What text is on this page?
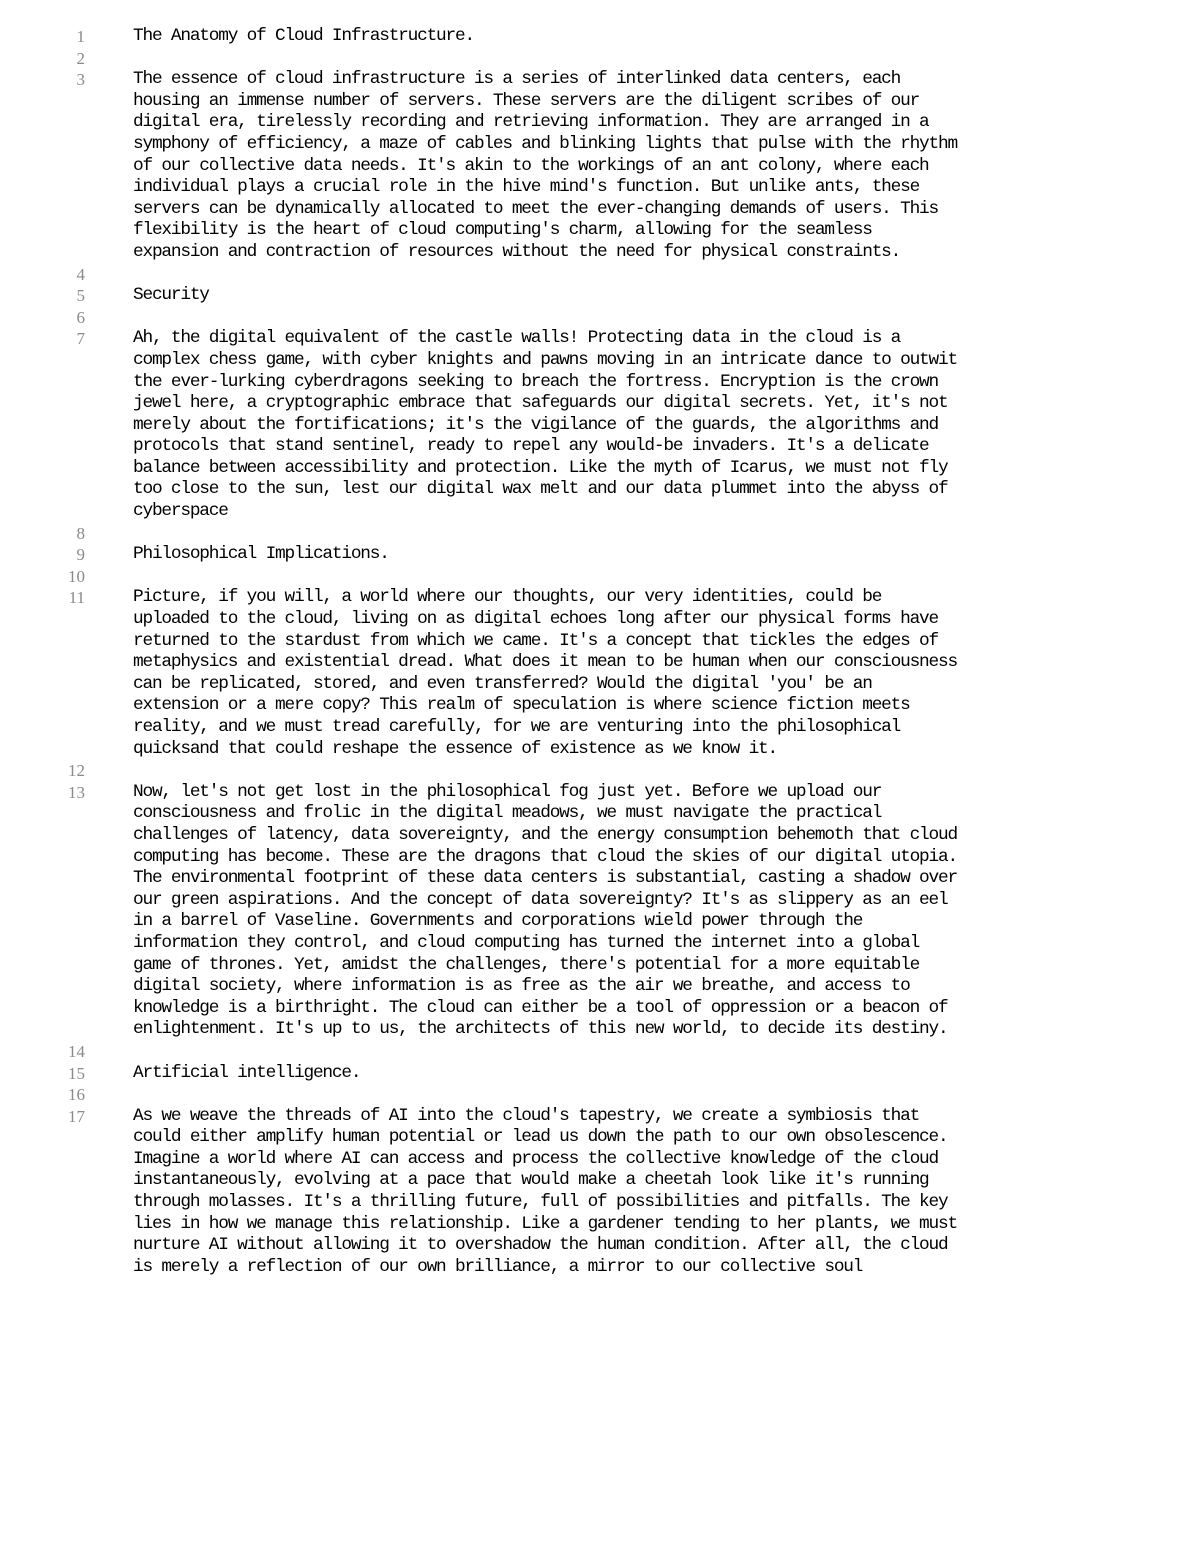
1	The Anatomy of Cloud Infrastructure.
2
3	The essence of cloud infrastructure is a series of interlinked data centers, each
housing an immense number of servers. These servers are the diligent scribes of our
digital era, tirelessly recording and retrieving information. They are arranged in a
symphony of efficiency, a maze of cables and blinking lights that pulse with the rhythm
of our collective data needs. It's akin to the workings of an ant colony, where each
individual plays a crucial role in the hive mind's function. But unlike ants, these
servers can be dynamically allocated to meet the ever-changing demands of users. This
flexibility is the heart of cloud computing's charm, allowing for the seamless
expansion and contraction of resources without the need for physical constraints.
4
5	Security
6
7	Ah, the digital equivalent of the castle walls! Protecting data in the cloud is a
complex chess game, with cyber knights and pawns moving in an intricate dance to outwit
the ever-lurking cyberdragons seeking to breach the fortress. Encryption is the crown
jewel here, a cryptographic embrace that safeguards our digital secrets. Yet, it's not
merely about the fortifications; it's the vigilance of the guards, the algorithms and
protocols that stand sentinel, ready to repel any would-be invaders. It's a delicate
balance between accessibility and protection. Like the myth of Icarus, we must not fly
too close to the sun, lest our digital wax melt and our data plummet into the abyss of
cyberspace
8
9	Philosophical Implications.
10
11	Picture, if you will, a world where our thoughts, our very identities, could be
uploaded to the cloud, living on as digital echoes long after our physical forms have
returned to the stardust from which we came. It's a concept that tickles the edges of
metaphysics and existential dread. What does it mean to be human when our consciousness
can be replicated, stored, and even transferred? Would the digital 'you' be an
extension or a mere copy? This realm of speculation is where science fiction meets
reality, and we must tread carefully, for we are venturing into the philosophical
quicksand that could reshape the essence of existence as we know it.
12
13	Now, let's not get lost in the philosophical fog just yet. Before we upload our
consciousness and frolic in the digital meadows, we must navigate the practical
challenges of latency, data sovereignty, and the energy consumption behemoth that cloud
computing has become. These are the dragons that cloud the skies of our digital utopia.
The environmental footprint of these data centers is substantial, casting a shadow over
our green aspirations. And the concept of data sovereignty? It's as slippery as an eel
in a barrel of Vaseline. Governments and corporations wield power through the
information they control, and cloud computing has turned the internet into a global
game of thrones. Yet, amidst the challenges, there's potential for a more equitable
digital society, where information is as free as the air we breathe, and access to
knowledge is a birthright. The cloud can either be a tool of oppression or a beacon of
enlightenment. It's up to us, the architects of this new world, to decide its destiny.
14
15	Artificial intelligence.
16
17	As we weave the threads of AI into the cloud's tapestry, we create a symbiosis that
could either amplify human potential or lead us down the path to our own obsolescence.
Imagine a world where AI can access and process the collective knowledge of the cloud
instantaneously, evolving at a pace that would make a cheetah look like it's running
through molasses. It's a thrilling future, full of possibilities and pitfalls. The key
lies in how we manage this relationship. Like a gardener tending to her plants, we must
nurture AI without allowing it to overshadow the human condition. After all, the cloud
is merely a reflection of our own brilliance, a mirror to our collective soul
